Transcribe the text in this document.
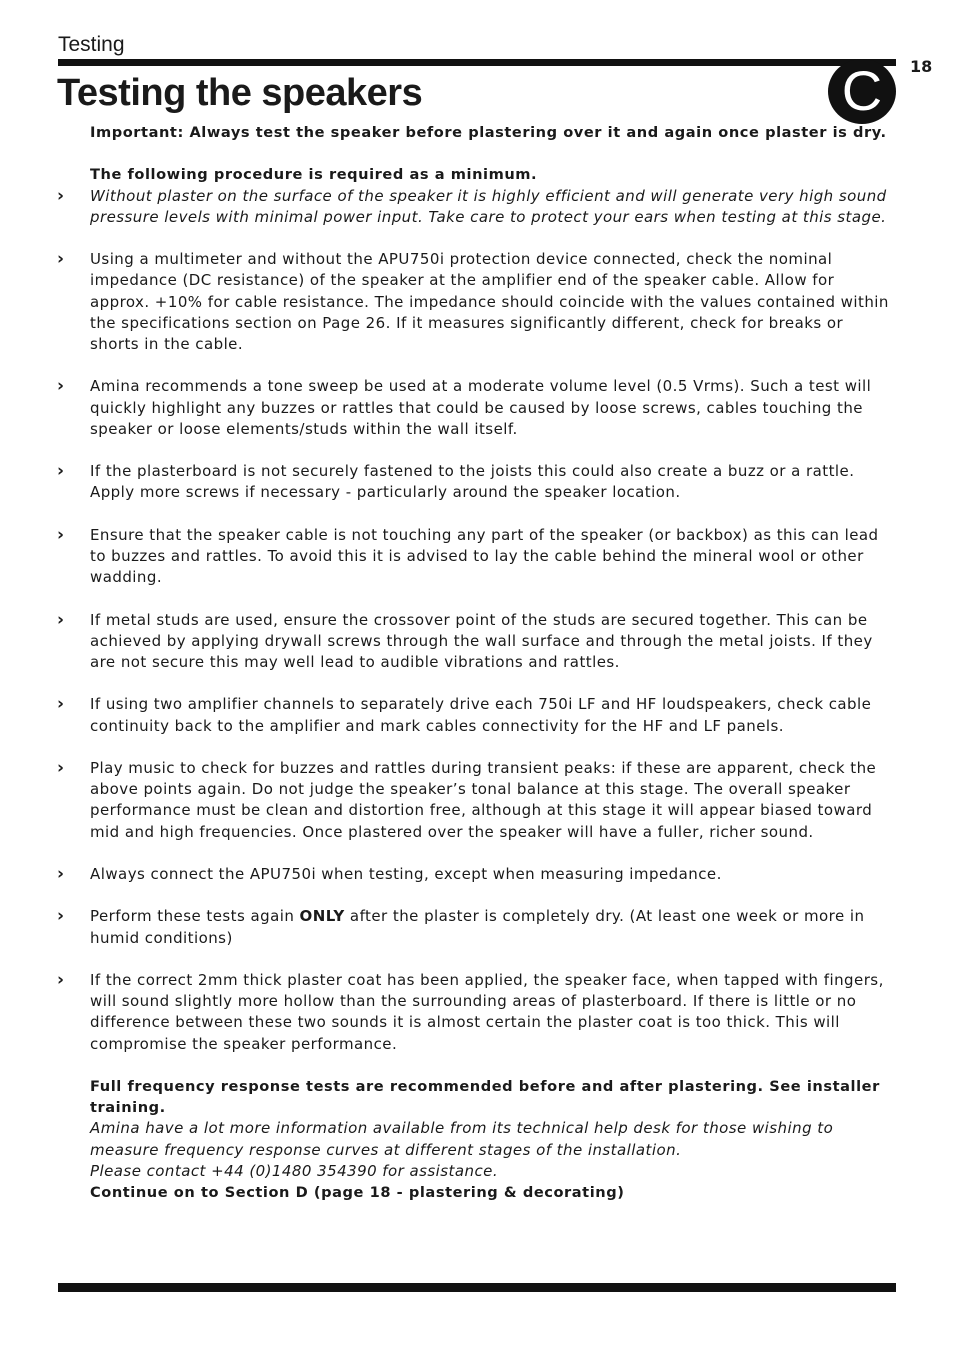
Testing
18
C
Testing the speakers

Important: Always test the speaker before plastering over it and again once plaster is dry.

The following procedure is required as a minimum.

› Without plaster on the surface of the speaker it is highly efficient and will generate very high sound pressure levels with minimal power input. Take care to protect your ears when testing at this stage.

› Using a multimeter and without the APU750i protection device connected, check the nominal impedance (DC resistance) of the speaker at the amplifier end of the speaker cable. Allow for approx. +10% for cable resistance. The impedance should coincide with the values contained within the specifications section on Page 26. If it measures significantly different, check for breaks or shorts in the cable.

› Amina recommends a tone sweep be used at a moderate volume level (0.5 Vrms). Such a test will quickly highlight any buzzes or rattles that could be caused by loose screws, cables touching the speaker or loose elements/studs within the wall itself.

› If the plasterboard is not securely fastened to the joists this could also create a buzz or a rattle. Apply more screws if necessary - particularly around the speaker location.

› Ensure that the speaker cable is not touching any part of the speaker (or backbox) as this can lead to buzzes and rattles. To avoid this it is advised to lay the cable behind the mineral wool or other wadding.

› If metal studs are used, ensure the crossover point of the studs are secured together. This can be achieved by applying drywall screws through the wall surface and through the metal joists. If they are not secure this may well lead to audible vibrations and rattles.

› If using two amplifier channels to separately drive each 750i LF and HF loudspeakers, check cable continuity back to the amplifier and mark cables connectivity for the HF and LF panels.

› Play music to check for buzzes and rattles during transient peaks: if these are apparent, check the above points again. Do not judge the speaker’s tonal balance at this stage. The overall speaker performance must be clean and distortion free, although at this stage it will appear biased toward mid and high frequencies. Once plastered over the speaker will have a fuller, richer sound.

› Always connect the APU750i when testing, except when measuring impedance.

› Perform these tests again ONLY after the plaster is completely dry. (At least one week or more in humid conditions)

› If the correct 2mm thick plaster coat has been applied, the speaker face, when tapped with fingers, will sound slightly more hollow than the surrounding areas of plasterboard. If there is little or no difference between these two sounds it is almost certain the plaster coat is too thick. This will compromise the speaker performance.

Full frequency response tests are recommended before and after plastering. See installer training.

Amina have a lot more information available from its technical help desk for those wishing to measure frequency response curves at different stages of the installation.

Please contact +44 (0)1480 354390 for assistance.

Continue on to Section D (page 18 - plastering & decorating)
